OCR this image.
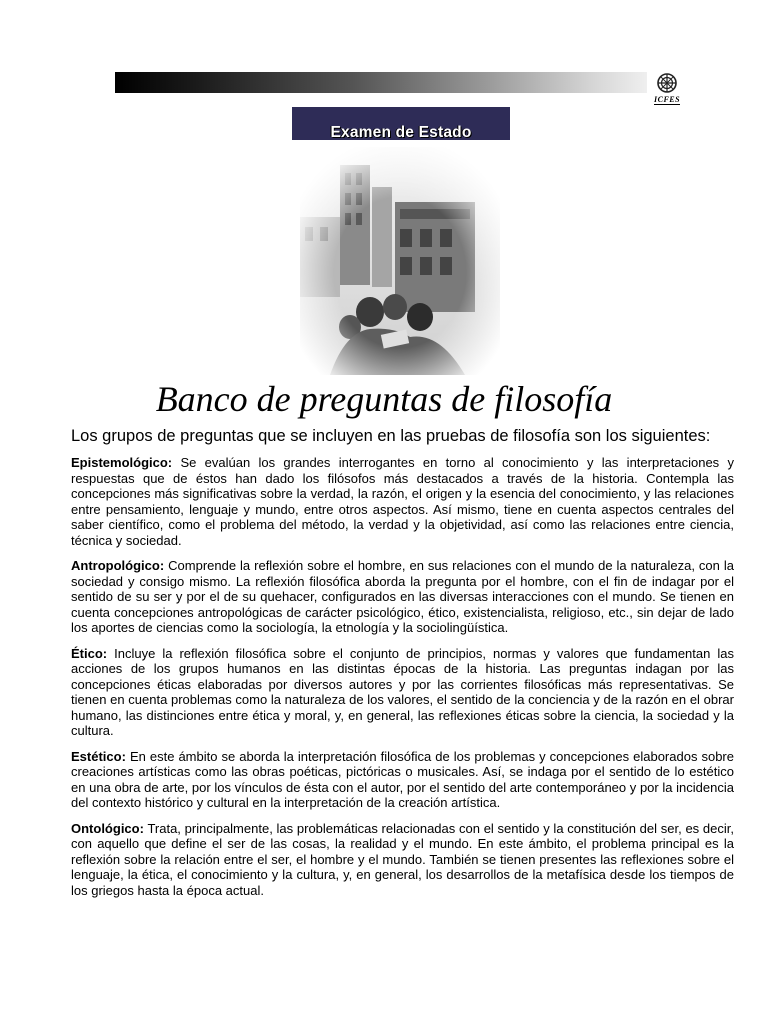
ICFES
Examen de Estado
Banco de preguntas de filosofía

Los grupos de preguntas que se incluyen en las pruebas de filosofía son los siguientes:

Epistemológico: Se evalúan los grandes interrogantes en torno al conocimiento y las interpretaciones y respuestas que de éstos han dado los filósofos más destacados a través de la historia. Contempla las concepciones más significativas sobre la verdad, la razón, el origen y la esencia del conocimiento, y las relaciones entre pensamiento, lenguaje y mundo, entre otros aspectos. Así mismo, tiene en cuenta aspectos centrales del saber científico, como el problema del método, la verdad y la objetividad, así como las relaciones entre ciencia, técnica y sociedad.

Antropológico: Comprende la reflexión sobre el hombre, en sus relaciones con el mundo de la naturaleza, con la sociedad y consigo mismo. La reflexión filosófica aborda la pregunta por el hombre, con el fin de indagar por el sentido de su ser y por el de su quehacer, configurados en las diversas interacciones con el mundo. Se tienen en cuenta concepciones antropológicas de carácter psicológico, ético, existencialista, religioso, etc., sin dejar de lado los aportes de ciencias como la sociología, la etnología y la sociolingüística.

Ético: Incluye la reflexión filosófica sobre el conjunto de principios, normas y valores que fundamentan las acciones de los grupos humanos en las distintas épocas de la historia. Las preguntas indagan por las concepciones éticas elaboradas por diversos autores y por las corrientes filosóficas más representativas. Se tienen en cuenta problemas como la naturaleza de los valores, el sentido de la conciencia y de la razón en el obrar humano, las distinciones entre ética y moral, y, en general, las reflexiones éticas sobre la ciencia, la sociedad y la cultura.

Estético: En este ámbito se aborda la interpretación filosófica de los problemas y concepciones elaborados sobre creaciones artísticas como las obras poéticas, pictóricas o musicales. Así, se indaga por el sentido de lo estético en una obra de arte, por los vínculos de ésta con el autor, por el sentido del arte contemporáneo y por la incidencia del contexto histórico y cultural en la interpretación de la creación artística.

Ontológico: Trata, principalmente, las problemáticas relacionadas con el sentido y la constitución del ser, es decir, con aquello que define el ser de las cosas, la realidad y el mundo. En este ámbito, el problema principal es la reflexión sobre la relación entre el ser, el hombre y el mundo. También se tienen presentes las reflexiones sobre el lenguaje, la ética, el conocimiento y la cultura, y, en general, los desarrollos de la metafísica desde los tiempos de los griegos hasta la época actual.
